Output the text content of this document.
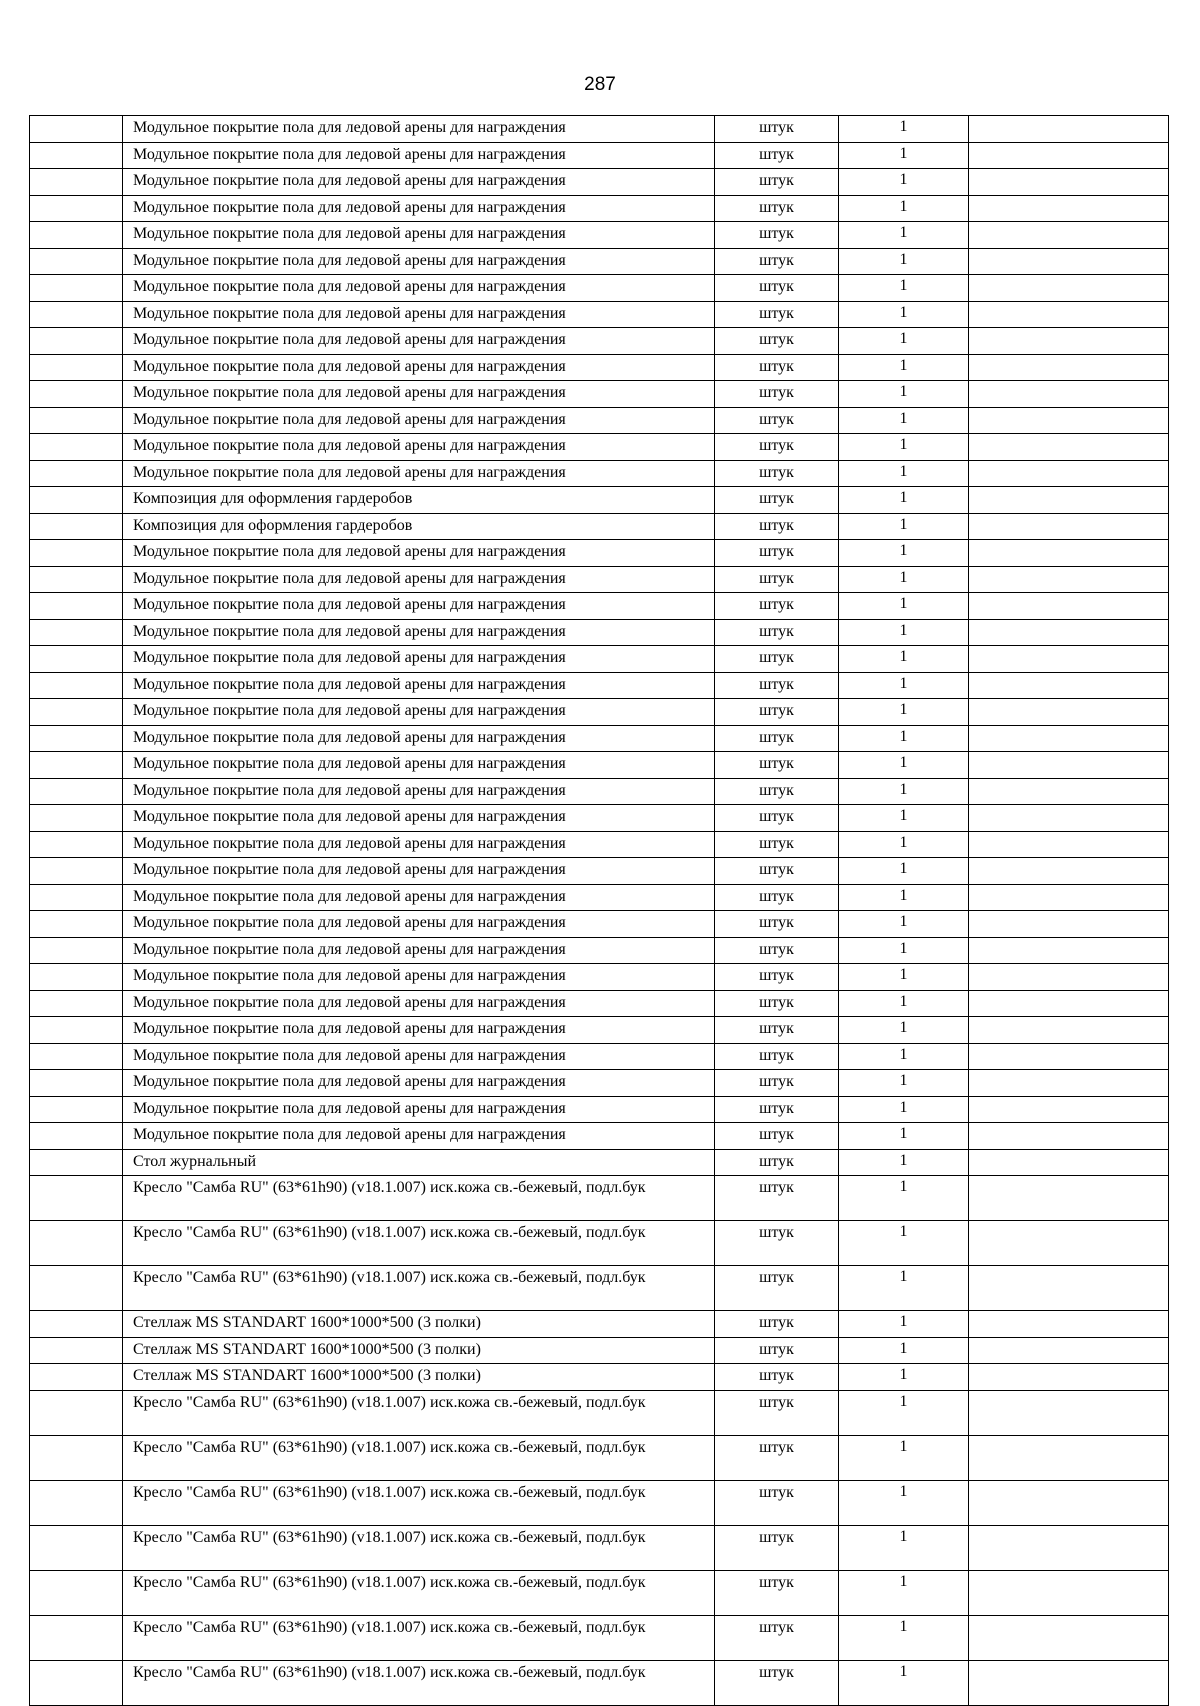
287
	Модульное покрытие пола для ледовой арены для награждения	штук	1	
	Модульное покрытие пола для ледовой арены для награждения	штук	1	
	Модульное покрытие пола для ледовой арены для награждения	штук	1	
	Модульное покрытие пола для ледовой арены для награждения	штук	1	
	Модульное покрытие пола для ледовой арены для награждения	штук	1	
	Модульное покрытие пола для ледовой арены для награждения	штук	1	
	Модульное покрытие пола для ледовой арены для награждения	штук	1	
	Модульное покрытие пола для ледовой арены для награждения	штук	1	
	Модульное покрытие пола для ледовой арены для награждения	штук	1	
	Модульное покрытие пола для ледовой арены для награждения	штук	1	
	Модульное покрытие пола для ледовой арены для награждения	штук	1	
	Модульное покрытие пола для ледовой арены для награждения	штук	1	
	Модульное покрытие пола для ледовой арены для награждения	штук	1	
	Модульное покрытие пола для ледовой арены для награждения	штук	1	
	Композиция для оформления гардеробов	штук	1	
	Композиция для оформления гардеробов	штук	1	
	Модульное покрытие пола для ледовой арены для награждения	штук	1	
	Модульное покрытие пола для ледовой арены для награждения	штук	1	
	Модульное покрытие пола для ледовой арены для награждения	штук	1	
	Модульное покрытие пола для ледовой арены для награждения	штук	1	
	Модульное покрытие пола для ледовой арены для награждения	штук	1	
	Модульное покрытие пола для ледовой арены для награждения	штук	1	
	Модульное покрытие пола для ледовой арены для награждения	штук	1	
	Модульное покрытие пола для ледовой арены для награждения	штук	1	
	Модульное покрытие пола для ледовой арены для награждения	штук	1	
	Модульное покрытие пола для ледовой арены для награждения	штук	1	
	Модульное покрытие пола для ледовой арены для награждения	штук	1	
	Модульное покрытие пола для ледовой арены для награждения	штук	1	
	Модульное покрытие пола для ледовой арены для награждения	штук	1	
	Модульное покрытие пола для ледовой арены для награждения	штук	1	
	Модульное покрытие пола для ледовой арены для награждения	штук	1	
	Модульное покрытие пола для ледовой арены для награждения	штук	1	
	Модульное покрытие пола для ледовой арены для награждения	штук	1	
	Модульное покрытие пола для ледовой арены для награждения	штук	1	
	Модульное покрытие пола для ледовой арены для награждения	штук	1	
	Модульное покрытие пола для ледовой арены для награждения	штук	1	
	Модульное покрытие пола для ледовой арены для награждения	штук	1	
	Модульное покрытие пола для ледовой арены для награждения	штук	1	
	Модульное покрытие пола для ледовой арены для награждения	штук	1	
	Стол журнальный	штук	1	
	Кресло "Самба RU" (63*61h90) (v18.1.007) иск.кожа св.-бежевый, подл.бук	штук	1	
	Кресло "Самба RU" (63*61h90) (v18.1.007) иск.кожа св.-бежевый, подл.бук	штук	1	
	Кресло "Самба RU" (63*61h90) (v18.1.007) иск.кожа св.-бежевый, подл.бук	штук	1	
	Стеллаж MS STANDART 1600*1000*500 (3 полки)	штук	1	
	Стеллаж MS STANDART 1600*1000*500 (3 полки)	штук	1	
	Стеллаж MS STANDART 1600*1000*500 (3 полки)	штук	1	
	Кресло "Самба RU" (63*61h90) (v18.1.007) иск.кожа св.-бежевый, подл.бук	штук	1	
	Кресло "Самба RU" (63*61h90) (v18.1.007) иск.кожа св.-бежевый, подл.бук	штук	1	
	Кресло "Самба RU" (63*61h90) (v18.1.007) иск.кожа св.-бежевый, подл.бук	штук	1	
	Кресло "Самба RU" (63*61h90) (v18.1.007) иск.кожа св.-бежевый, подл.бук	штук	1	
	Кресло "Самба RU" (63*61h90) (v18.1.007) иск.кожа св.-бежевый, подл.бук	штук	1	
	Кресло "Самба RU" (63*61h90) (v18.1.007) иск.кожа св.-бежевый, подл.бук	штук	1	
	Кресло "Самба RU" (63*61h90) (v18.1.007) иск.кожа св.-бежевый, подл.бук	штук	1	
